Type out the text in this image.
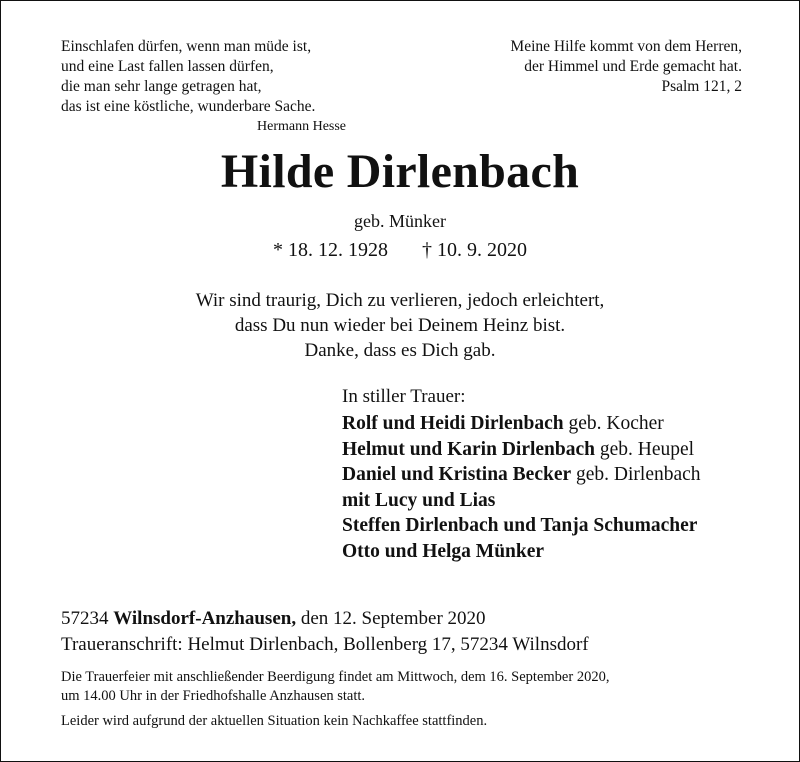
Einschlafen dürfen, wenn man müde ist,
und eine Last fallen lassen dürfen,
die man sehr lange getragen hat,
das ist eine köstliche, wunderbare Sache.
Hermann Hesse
Meine Hilfe kommt von dem Herren,
der Himmel und Erde gemacht hat.
Psalm 121, 2
Hilde Dirlenbach
geb. Münker
* 18. 12. 1928 † 10. 9. 2020
Wir sind traurig, Dich zu verlieren, jedoch erleichtert,
dass Du nun wieder bei Deinem Heinz bist.
Danke, dass es Dich gab.
In stiller Trauer:
Rolf und Heidi Dirlenbach geb. Kocher
Helmut und Karin Dirlenbach geb. Heupel
Daniel und Kristina Becker geb. Dirlenbach
mit Lucy und Lias
Steffen Dirlenbach und Tanja Schumacher
Otto und Helga Münker
57234 Wilnsdorf-Anzhausen, den 12. September 2020
Traueranschrift: Helmut Dirlenbach, Bollenberg 17, 57234 Wilnsdorf
Die Trauerfeier mit anschließender Beerdigung findet am Mittwoch, dem 16. September 2020,
um 14.00 Uhr in der Friedhofshalle Anzhausen statt.
Leider wird aufgrund der aktuellen Situation kein Nachkaffee stattfinden.
